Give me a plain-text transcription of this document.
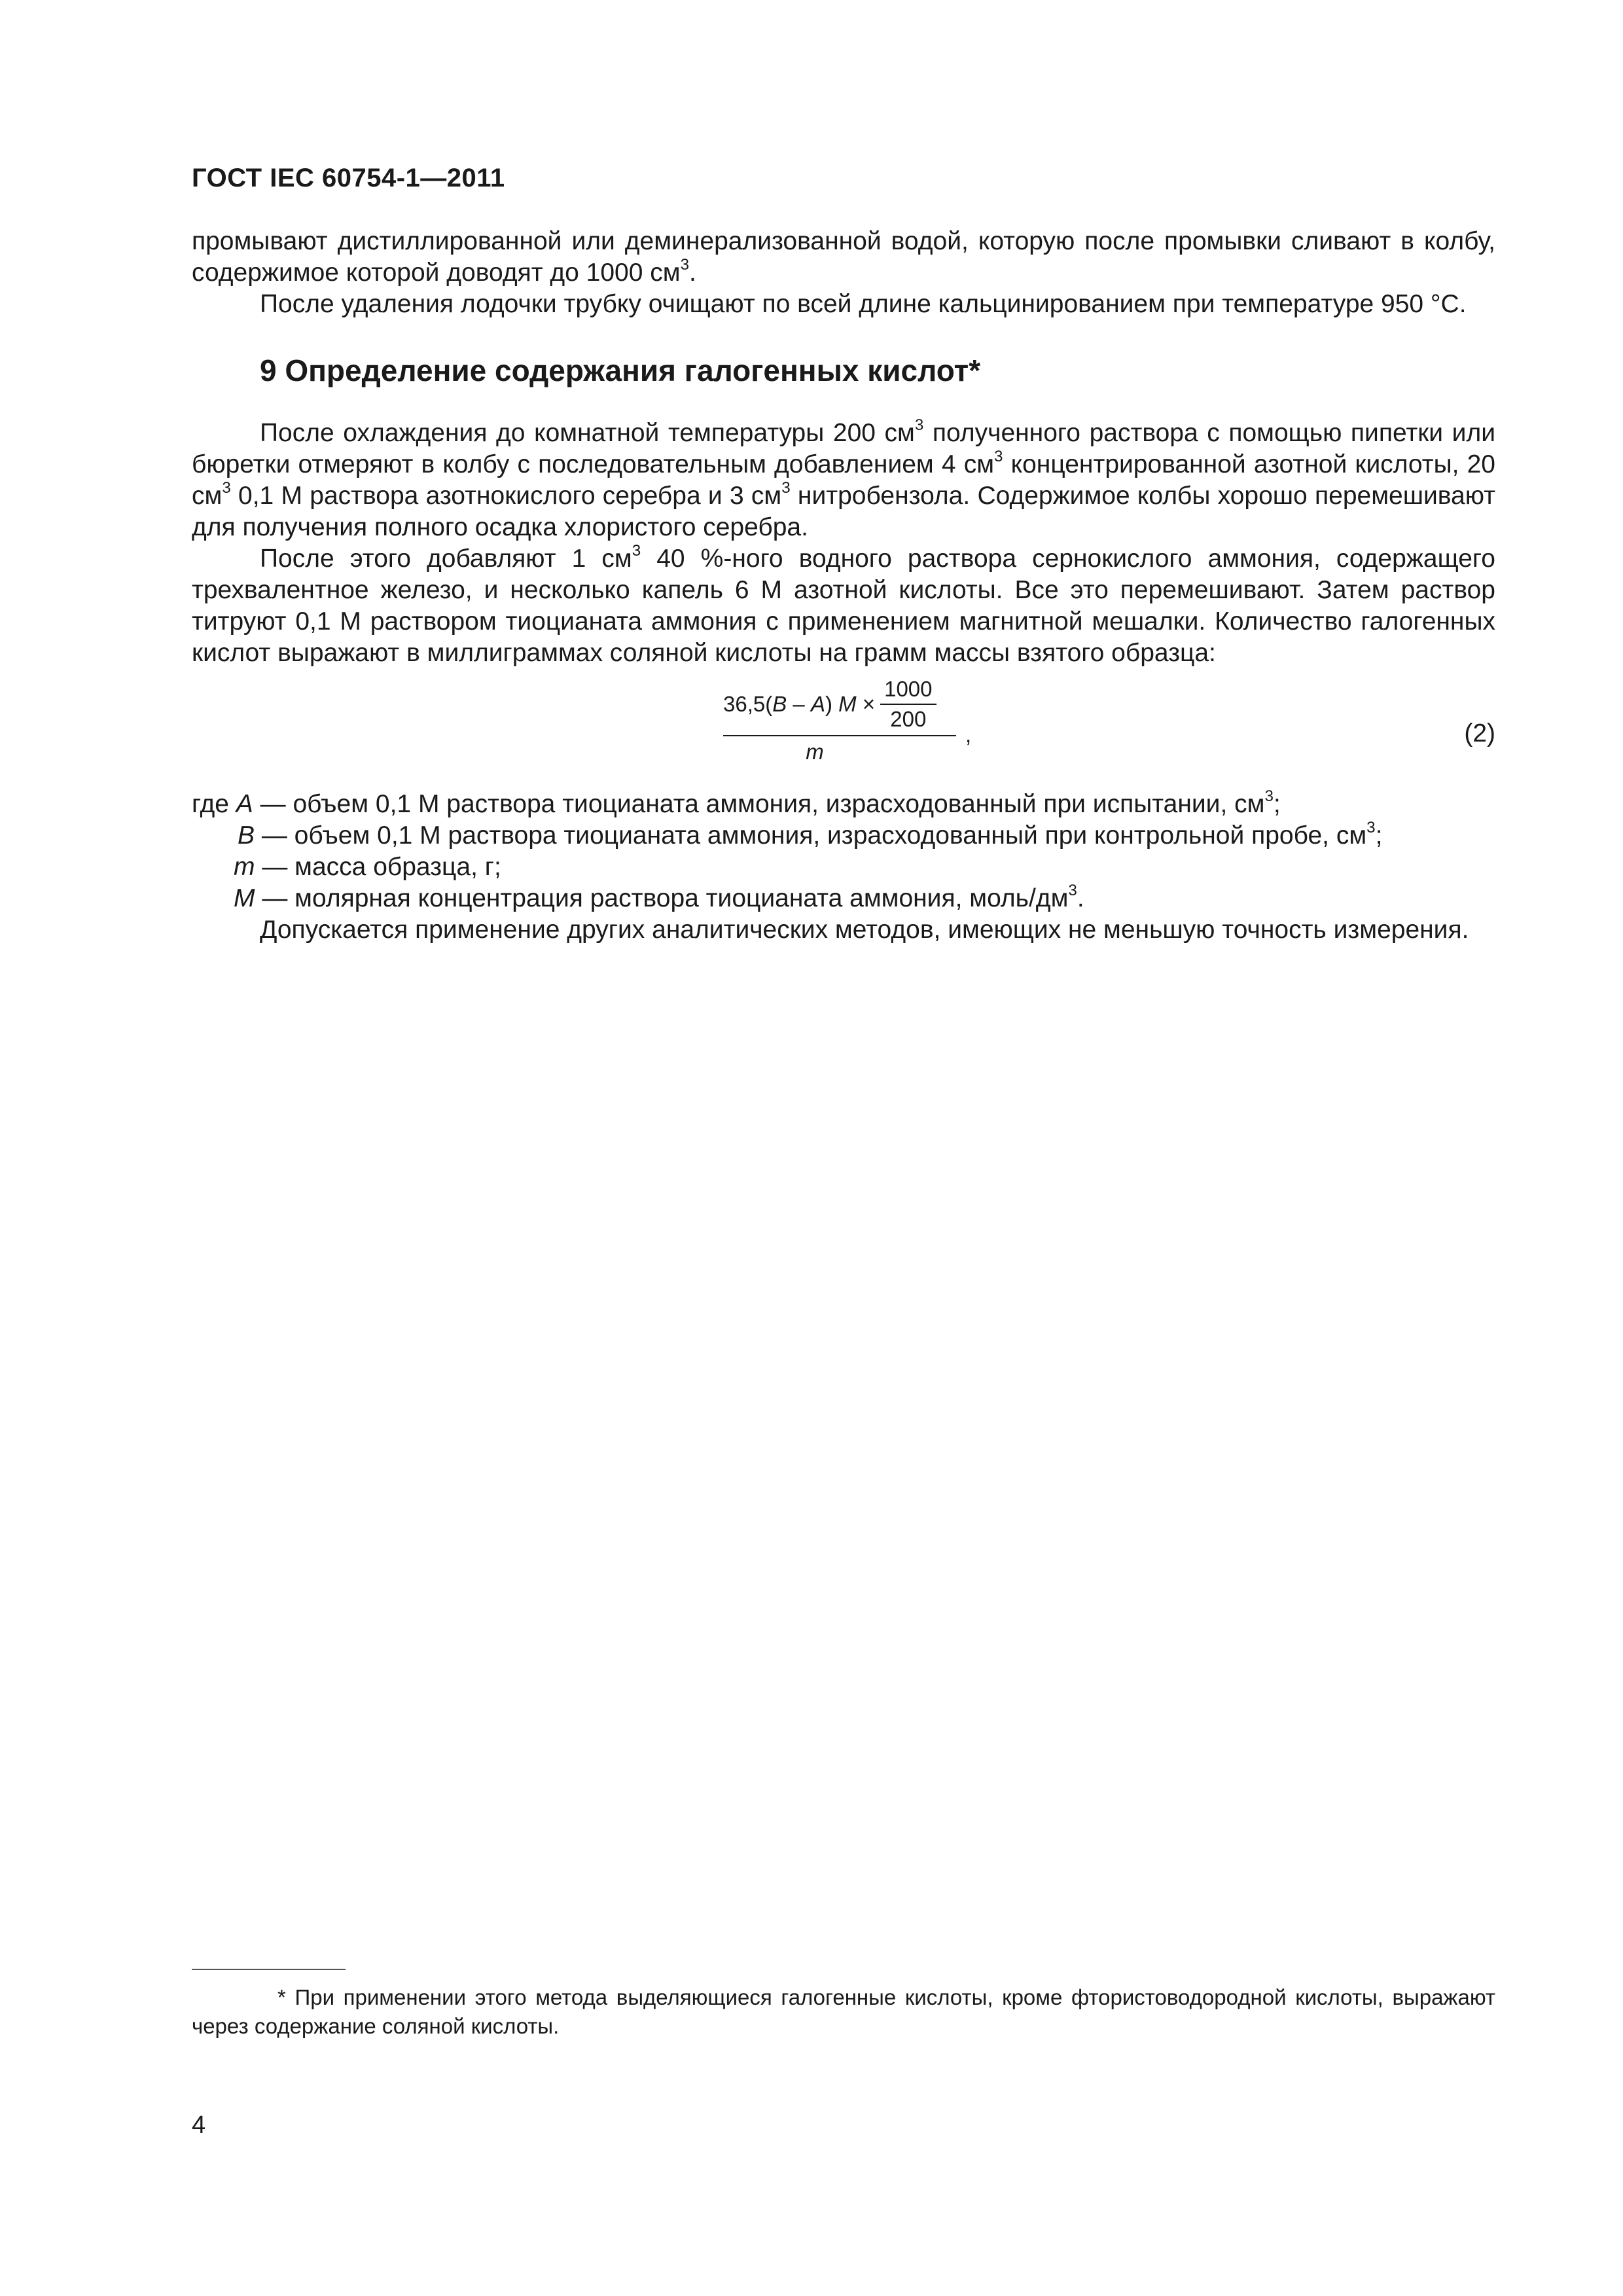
ГОСТ IEC 60754-1—2011

промывают дистиллированной или деминерализованной водой, которую после промывки сливают в колбу, содержимое которой доводят до 1000 $см^3$.

После удаления лодочки трубку очищают по всей длине кальцинированием при температуре 950 °С.

9 Определение содержания галогенных кислот*

После охлаждения до комнатной температуры 200 $см^3$ полученного раствора с помощью пипетки или бюретки отмеряют в колбу с последовательным добавлением 4 $см^3$ концентрированной азотной кислоты, 20 $см^3$ 0,1 М раствора азотнокислого серебра и 3 $см^3$ нитробензола. Содержимое колбы хорошо перемешивают для получения полного осадка хлористого серебра.

После этого добавляют 1 $см^3$ 40 %-ного водного раствора сернокислого аммония, содержащего трехвалентное железо, и несколько капель 6 М азотной кислоты. Все это перемешивают. Затем раствор титруют 0,1 М раствором тиоцианата аммония с применением магнитной мешалки. Количество галогенных кислот выражают в миллиграммах соляной кислоты на грамм массы взятого образца:

36,5 ( B – A )
M
× $\frac{1000}{200}$
m
,	(2)

где A — объем 0,1 М раствора тиоцианата аммония, израсходованный при испытании, $см^3$;

B — объем 0,1 М раствора тиоцианата аммония, израсходованный при контрольной пробе, $см^3$;

m — масса образца, г;

M — молярная концентрация раствора тиоцианата аммония, моль/$дм^3$.

Допускается применение других аналитических методов, имеющих не меньшую точность измерения.

* При применении этого метода выделяющиеся галогенные кислоты, кроме фтористоводородной кислоты, выражают через содержание соляной кислоты.
4
